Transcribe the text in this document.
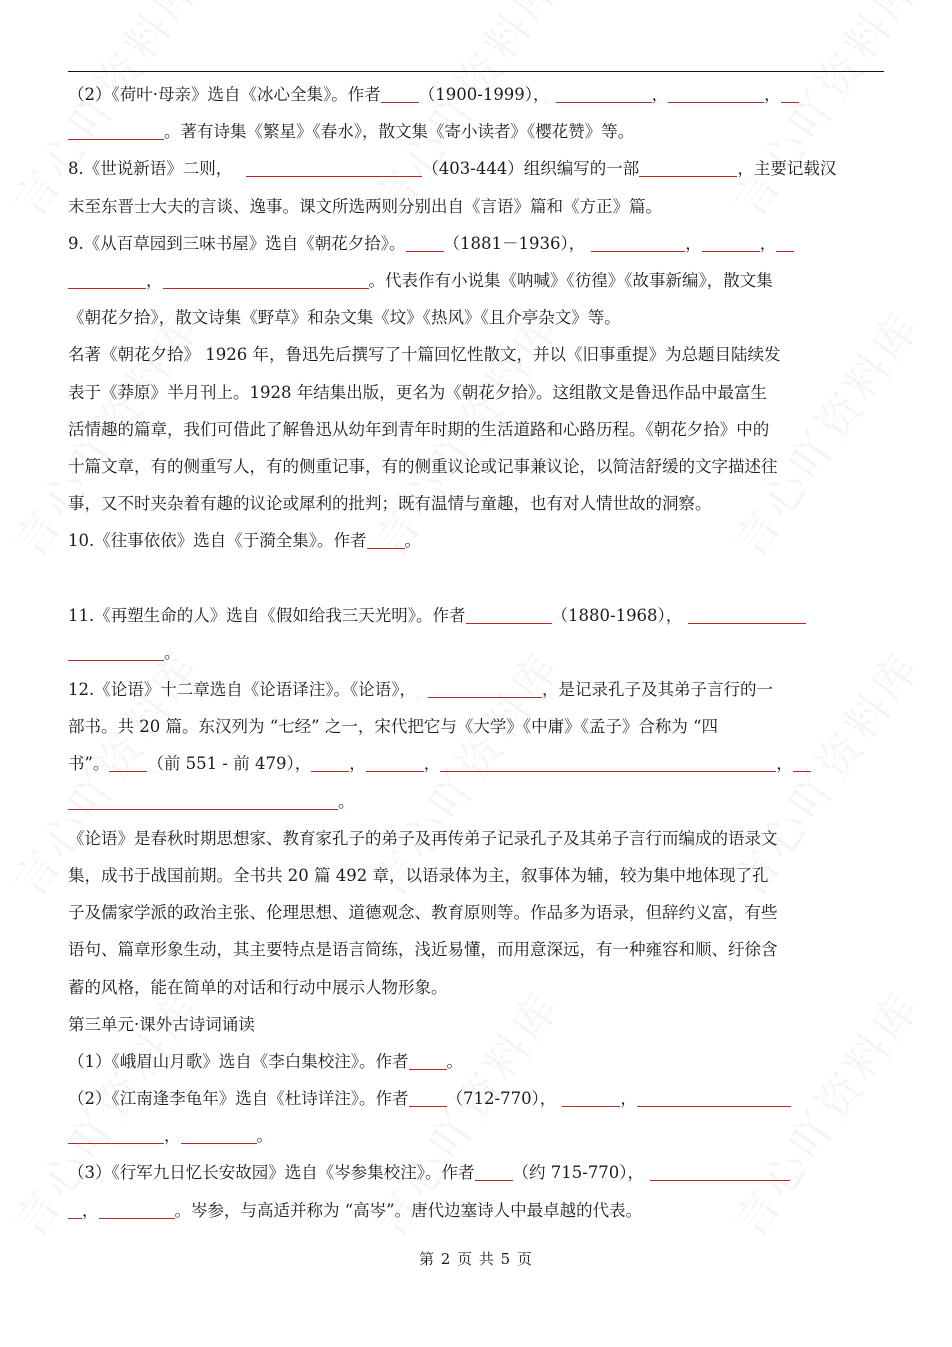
（2）《荷叶·母亲》选自《冰心全集》。作者 （1900-1999），	，	，
。著有诗集《繁星》《春水》，散文集《寄小读者》《樱花赞》等。
8.《世说新语》二则，	（403-444）组织编写的一部	，主要记载汉
末至东晋士大夫的言谈、逸事。课文所选两则分别出自《言语》篇和《方正》篇。
9.《从百草园到三味书屋》选自《朝花夕拾》。 （1881－1936），	，	，
，	。代表作有小说集《呐喊》《彷徨》《故事新编》，散文集
《朝花夕拾》，散文诗集《野草》和杂文集《坟》《热风》《且介亭杂文》等。
名著《朝花夕拾》 1926 年，鲁迅先后撰写了十篇回忆性散文，并以《旧事重提》为总题目陆续发
表于《莽原》半月刊上。1928 年结集出版，更名为《朝花夕拾》。这组散文是鲁迅作品中最富生
活情趣的篇章，我们可借此了解鲁迅从幼年到青年时期的生活道路和心路历程。《朝花夕拾》中的
十篇文章，有的侧重写人，有的侧重记事，有的侧重议论或记事兼议论，以简洁舒缓的文字描述往
事，又不时夹杂着有趣的议论或犀利的批判；既有温情与童趣，也有对人情世故的洞察。
10.《往事依依》选自《于漪全集》。作者 。
11.《再塑生命的人》选自《假如给我三天光明》。作者	（1880-1968），
。
12.《论语》十二章选自《论语译注》。《论语》，	，是记录孔子及其弟子言行的一
部书。共 20 篇。东汉列为 “七经” 之一，宋代把它与《大学》《中庸》《孟子》合称为 “四
书”。 （前 551 - 前 479）， ，	，	，
。
《论语》是春秋时期思想家、教育家孔子的弟子及再传弟子记录孔子及其弟子言行而编成的语录文
集，成书于战国前期。全书共 20 篇 492 章，以语录体为主，叙事体为辅，较为集中地体现了孔
子及儒家学派的政治主张、伦理思想、道德观念、教育原则等。作品多为语录，但辞约义富，有些
语句、篇章形象生动，其主要特点是语言简练，浅近易懂，而用意深远，有一种雍容和顺、纡徐含
蓄的风格，能在简单的对话和行动中展示人物形象。
第三单元·课外古诗词诵读
（1）《峨眉山月歌》选自《李白集校注》。作者 。
（2）《江南逢李龟年》选自《杜诗详注》。作者 （712-770），	，
，	。
（3）《行军九日忆长安故园》选自《岑参集校注》。作者 （约 715-770），
，	。岑参，与高适并称为 “高岑”。唐代边塞诗人中最卓越的代表。
第 2 页 共 5 页
